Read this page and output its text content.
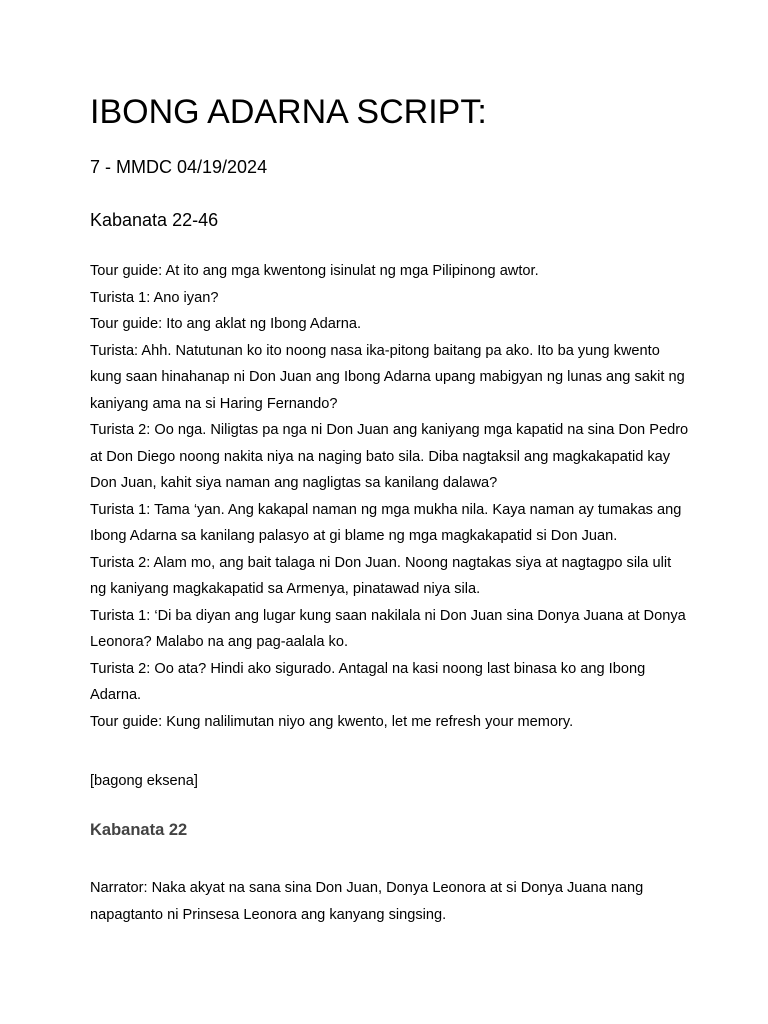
IBONG ADARNA SCRIPT:
7 - MMDC 04/19/2024
Kabanata 22-46

Tour guide: At ito ang mga kwentong isinulat ng mga Pilipinong awtor.

Turista 1: Ano iyan?

Tour guide: Ito ang aklat ng Ibong Adarna.

Turista: Ahh. Natutunan ko ito noong nasa ika-pitong baitang pa ako. Ito ba yung kwento kung saan hinahanap ni Don Juan ang Ibong Adarna upang mabigyan ng lunas ang sakit ng kaniyang ama na si Haring Fernando?

Turista 2: Oo nga. Niligtas pa nga ni Don Juan ang kaniyang mga kapatid na sina Don Pedro at Don Diego noong nakita niya na naging bato sila. Diba nagtaksil ang magkakapatid kay Don Juan, kahit siya naman ang nagligtas sa kanilang dalawa?

Turista 1: Tama ‘yan. Ang kakapal naman ng mga mukha nila. Kaya naman ay tumakas ang Ibong Adarna sa kanilang palasyo at gi blame ng mga magkakapatid si Don Juan.

Turista 2: Alam mo, ang bait talaga ni Don Juan. Noong nagtakas siya at nagtagpo sila ulit ng kaniyang magkakapatid sa Armenya, pinatawad niya sila.

Turista 1: ‘Di ba diyan ang lugar kung saan nakilala ni Don Juan sina Donya Juana at Donya Leonora? Malabo na ang pag-aalala ko.

Turista 2: Oo ata? Hindi ako sigurado. Antagal na kasi noong last binasa ko ang Ibong Adarna.

Tour guide: Kung nalilimutan niyo ang kwento, let me refresh your memory.

[bagong eksena]
Kabanata 22

Narrator: Naka akyat na sana sina Don Juan, Donya Leonora at si Donya Juana nang napagtanto ni Prinsesa Leonora ang kanyang singsing.
